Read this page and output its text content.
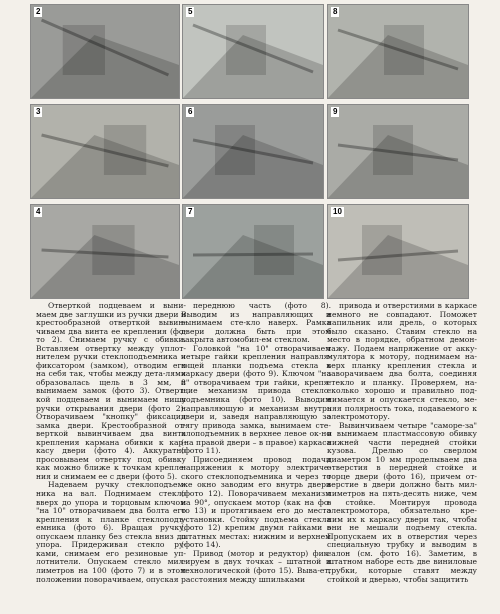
2	5	8
3	6	9
4	7	10

Отверткой подцеваем и выни-маем две заглушки из ручки двери и крестообразной отверткой вывин-чиваем два винта ее крепления (фо-то 2). Снимаем ручку с обивки. Вставляем отвертку между уплот-нителем ручки стеклоподъемника и фиксатором (замком), отводим его на себя так, чтобы между дета-лями образовалась щель в 3 мм, и вынимаем замок (фото 3). Отверт-кой подцеваем и вынимаем нишу ручки открывания двери (фото 2). Отворачиваем "кнопку" фиксации замка двери. Крестообразной от-верткой вывинчиваем два винта крепления кармана обивки к кар-касу двери (фото 4). Аккуратно просовываем отвертку под обивку как можно ближе к точкам крепле-ния и снимаем ее с двери (фото 5).

Надеваем ручку стеклоподъем-ника на вал. Поднимаем стекло вверх до упора и торцовым ключом "на 10" отворачиваем два болта его крепления к планке стеклоподъ-емника (фото 6). Вращая ручку, опускаем планку без стекла вниз до упора. Придерживая стекло ру-ками, снимаем его резиновые уп-лотнители. Опускаем стекло мил-лиметров на 100 (фото 7) и в этом положении поворачиваем, опуская

переднюю часть (фото 8). Выводим из направляющих и вынимаем сте-кло наверх. Рамка двери должна быть при этом закрыта автомобил-ем стеклом.

Головкой "на 10" отворачиваем четыре гайки крепления направля-ющей планки подъема стекла к каркасу двери (фото 9). Ключом "на 8" отворачиваем три гайки, крепя-щие механизм привода стекло-подъемника (фото 10). Выводим направляющую и механизм внутрь двери и, заведя направляющую за тягу привода замка, вынимаем сте-клоподъемник в верхнее левое ок-но (на правой двери – в правое) каркаса (фото 11).

Присоединяем провод подачи напряжения к мотору электриче-ского стеклоподъемника и через то же окно заводим его внутрь двери (фото 12). Поворачиваем механизм на 90°, опускаем мотор (как на фо-то 13) и протягиваем его до места установки. Стойку подъема стекла (фото 12) крепим двумя гайками в штатных местах: нижним и верхнем (фото 14).

Привод (мотор и редуктор) фик-сируем в двух точках – штатной и технологической (фото 15). Выва-ет, расстояния между шпильками

привода и отверстиями в каркасе немного не совпадают. Поможет напильник или дрель, о которых было сказано. Ставим стекло на место в порядке, обратном демон-тажу. Подаем напряжение от акку-мулятора к мотору, поднимаем на-верх планку крепления стекла и заворачиваем два болта, соединяя стекло и планку. Проверяем, на-сколько хорошо и правильно под-нимается и опускается стекло, ме-няя полярность тока, подаваемого к электромотору.

Вывинчиваем четыре "саморе-за" и вынимаем пластмассовую обивку нижней части передней стойки кузова. Дрелью со сверлом диаметром 10 мм проделываем два отверстия в передней стойке и торце двери (фото 16), причем от-верстие в двери должно быть мил-лиметров на пять-десять ниже, чем в стойке. Монтируя провода электромотора, обязательно кре-пим их к каркасу двери так, чтобы они не мешали подъему стекла. Пропускаем их в отверстия через специальную трубку и выводим в салон (см. фото 16). Заметим, в штатном наборе есть две виниловые трубки, которые ставят между стойкой и дверью, чтобы защитить
